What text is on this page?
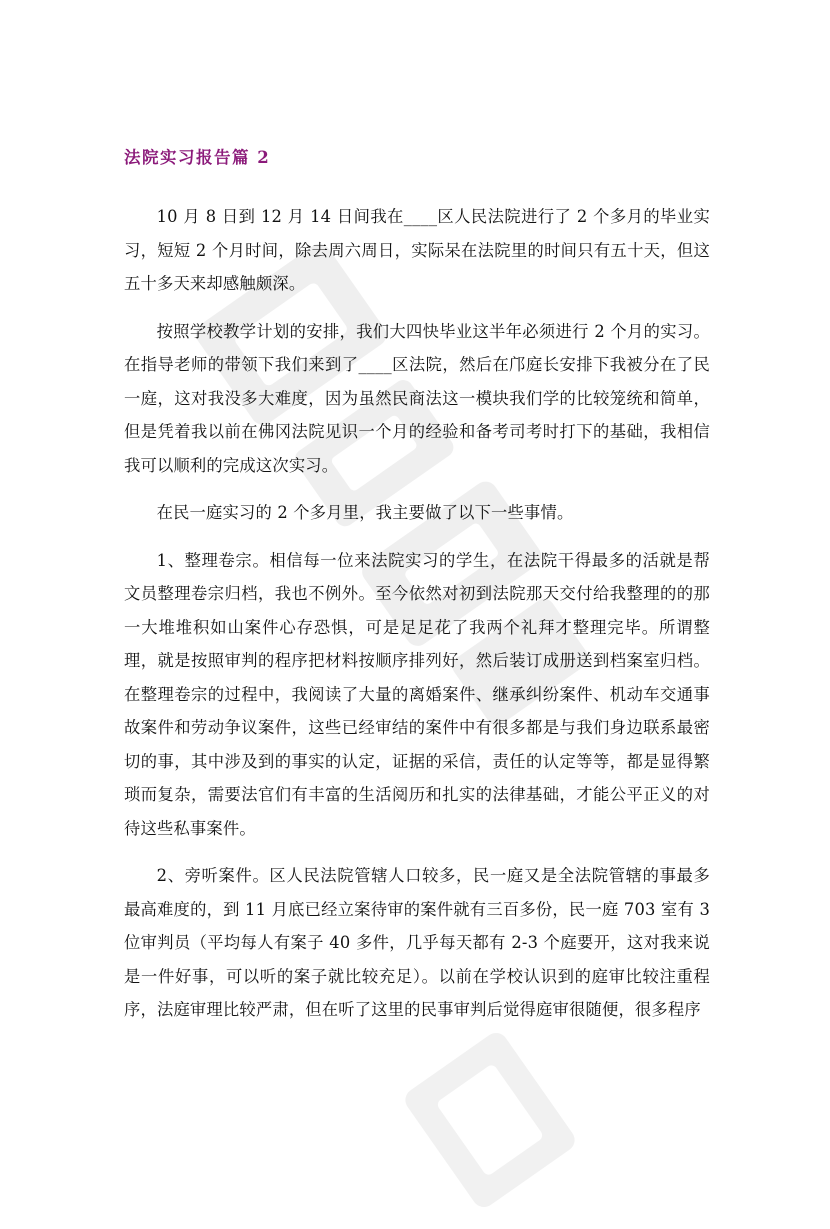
法院实习报告篇 2

10 月 8 日到 12 月 14 日间我在____区人民法院进行了 2 个多月的毕业实习，短短 2 个月时间，除去周六周日，实际呆在法院里的时间只有五十天，但这五十多天来却感触颇深。

按照学校教学计划的安排，我们大四快毕业这半年必须进行 2 个月的实习。在指导老师的带领下我们来到了____区法院，然后在邝庭长安排下我被分在了民一庭，这对我没多大难度，因为虽然民商法这一模块我们学的比较笼统和简单，但是凭着我以前在佛冈法院见识一个月的经验和备考司考时打下的基础，我相信我可以顺利的完成这次实习。

在民一庭实习的 2 个多月里，我主要做了以下一些事情。

1、整理卷宗。相信每一位来法院实习的学生，在法院干得最多的活就是帮文员整理卷宗归档，我也不例外。至今依然对初到法院那天交付给我整理的的那一大堆堆积如山案件心存恐惧，可是足足花了我两个礼拜才整理完毕。所谓整理，就是按照审判的程序把材料按顺序排列好，然后装订成册送到档案室归档。在整理卷宗的过程中，我阅读了大量的离婚案件、继承纠纷案件、机动车交通事故案件和劳动争议案件，这些已经审结的案件中有很多都是与我们身边联系最密切的事，其中涉及到的事实的认定，证据的采信，责任的认定等等，都是显得繁琐而复杂，需要法官们有丰富的生活阅历和扎实的法律基础，才能公平正义的对待这些私事案件。

2、旁听案件。区人民法院管辖人口较多，民一庭又是全法院管辖的事最多最高难度的，到 11 月底已经立案待审的案件就有三百多份，民一庭 703 室有 3 位审判员（平均每人有案子 40 多件，几乎每天都有 2-3 个庭要开，这对我来说是一件好事，可以听的案子就比较充足）。以前在学校认识到的庭审比较注重程序，法庭审理比较严肃，但在听了这里的民事审判后觉得庭审很随便，很多程序
